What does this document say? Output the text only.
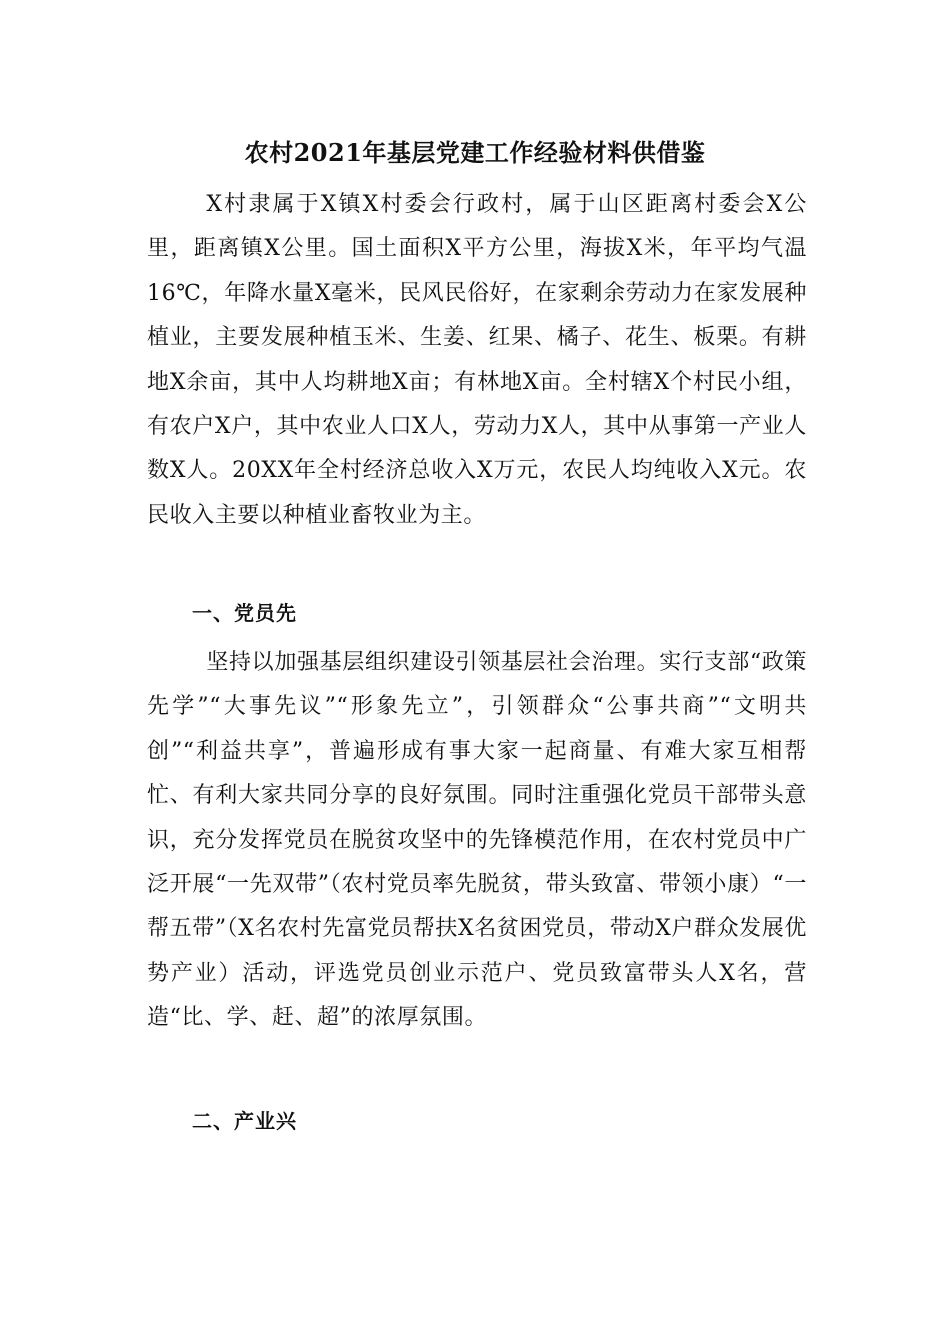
农村2021年基层党建工作经验材料供借鉴

X村隶属于X镇X村委会行政村，属于山区距离村委会X公里，距离镇X公里。国土面积X平方公里，海拔X米，年平均气温16℃，年降水量X毫米，民风民俗好，在家剩余劳动力在家发展种植业，主要发展种植玉米、生姜、红果、橘子、花生、板栗。有耕地X余亩，其中人均耕地X亩；有林地X亩。全村辖X个村民小组，有农户X户，其中农业人口X人，劳动力X人，其中从事第一产业人数X人。20XX年全村经济总收入X万元，农民人均纯收入X元。农民收入主要以种植业畜牧业为主。

一、党员先

坚持以加强基层组织建设引领基层社会治理。实行支部“政策先学”“大事先议”“形象先立”，引领群众“公事共商”“文明共创”“利益共享”，普遍形成有事大家一起商量、有难大家互相帮忙、有利大家共同分享的良好氛围。同时注重强化党员干部带头意识，充分发挥党员在脱贫攻坚中的先锋模范作用，在农村党员中广泛开展“一先双带”（农村党员率先脱贫，带头致富、带领小康）“一帮五带”（X名农村先富党员帮扶X名贫困党员，带动X户群众发展优势产业）活动，评选党员创业示范户、党员致富带头人X名，营造“比、学、赶、超”的浓厚氛围。

二、产业兴
